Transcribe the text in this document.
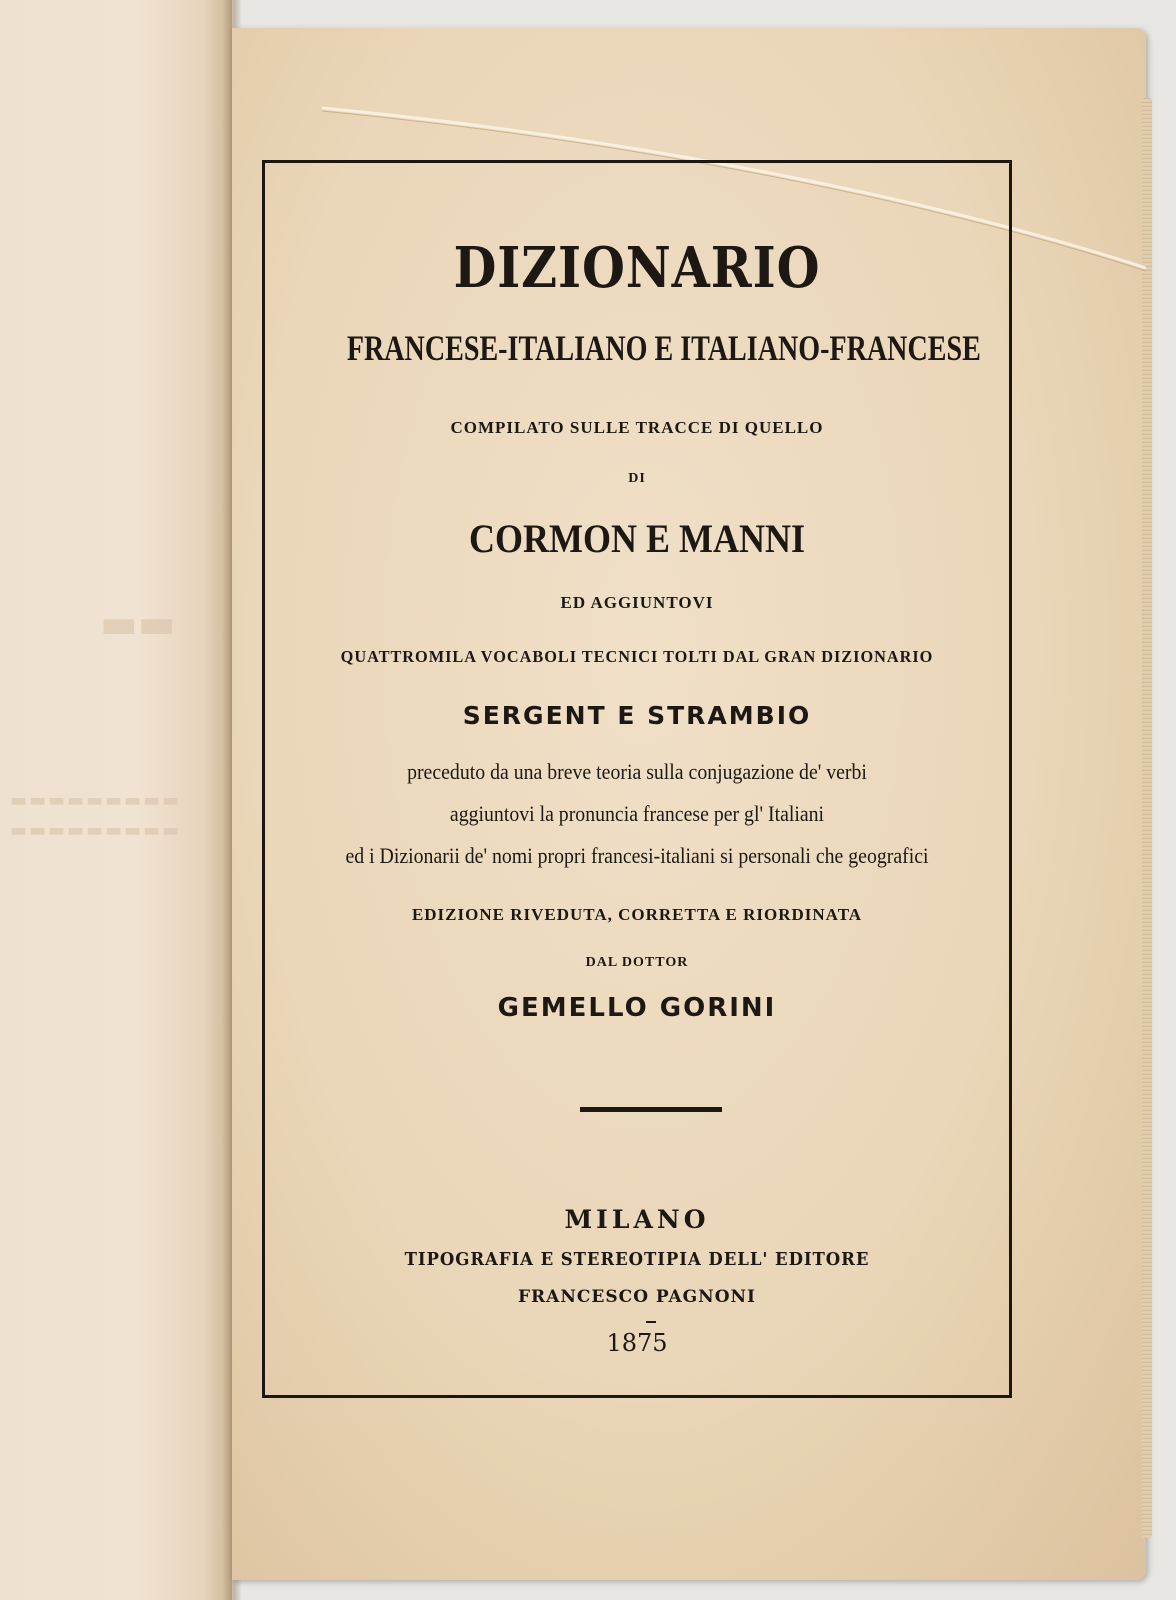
▬▬
▬▬▬▬▬▬▬▬▬
▬▬▬▬▬▬▬▬▬
DIZIONARIO
FRANCESE-ITALIANO E ITALIANO-FRANCESE
COMPILATO SULLE TRACCE DI QUELLO
DI
CORMON E MANNI
ED AGGIUNTOVI
QUATTROMILA VOCABOLI TECNICI TOLTI DAL GRAN DIZIONARIO
SERGENT E STRAMBIO
preceduto da una breve teoria sulla conjugazione de' verbi
aggiuntovi la pronuncia francese per gl' Italiani
ed i Dizionarii de' nomi propri francesi-italiani si personali che geografici
EDIZIONE RIVEDUTA, CORRETTA E RIORDINATA
DAL DOTTOR
GEMELLO GORINI
MILANO
TIPOGRAFIA E STEREOTIPIA DELL' EDITORE
FRANCESCO PAGNONI
1875
